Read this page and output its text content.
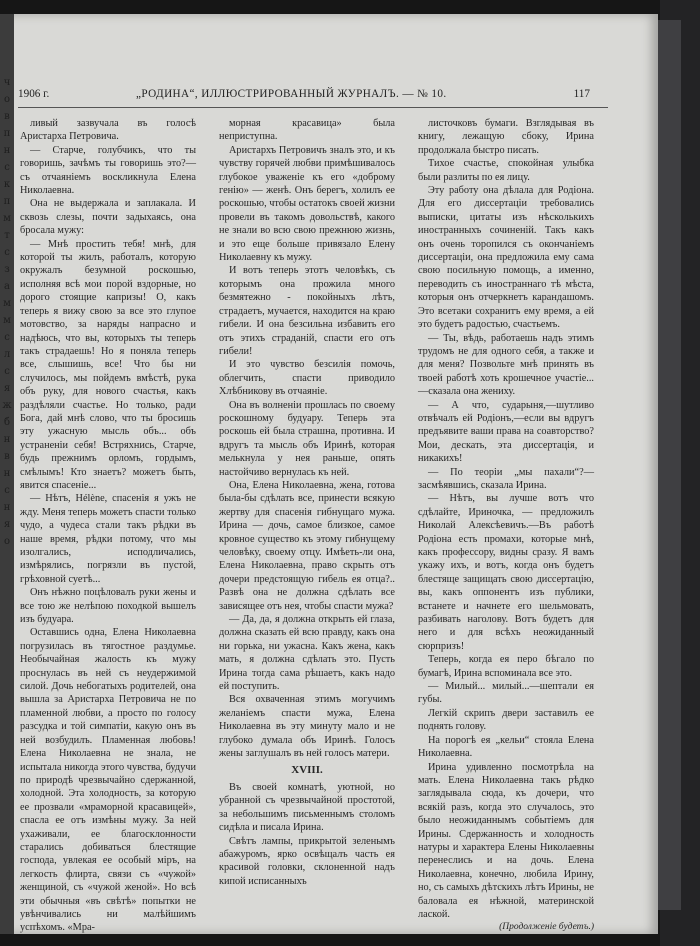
ч
о
в
п
н
с
к
п
м
т
с
з
а
м
м
с
л
с
я
ж
б
н
в
н
с
н
я
о
1906 г.	„РОДИНА“, ИЛЛЮСТРИРОВАННЫЙ ЖУРНАЛЪ. — № 10.	117

ливый зазвучала въ голосѣ Аристарха Петровича.

— Старче, голубчикъ, что ты говоришь, зачѣмъ ты говоришь это?—съ отчаяніемъ воскликнула Елена Николаевна.

Она не выдержала и заплакала. И сквозь слезы, почти задыхаясь, она бросала мужу:

— Мнѣ простить тебя! мнѣ, для которой ты жилъ, работалъ, которую окружалъ безумной роскошью, исполняя всѣ мои порой вздорные, но дорого стоящие капризы! О, какъ теперь я вижу свою за все это глупое мотовство, за наряды напрасно и надѣюсь, что вы, которыхъ ты теперь такъ страдаешь! Но я поняла теперь все, слышишь, все! Что бы ни случилось, мы пойдемъ вмѣстѣ, рука объ руку, для нового счастья, какъ раздѣляли счастье. Но только, ради Бога, дай мнѣ слово, что ты бросишь эту ужасную мысль объ... объ устраненіи себя! Встряхнись, Старче, будь прежнимъ орломъ, гордымъ, смѣлымъ! Кто знаетъ? можетъ быть, явится спасеніе...

— Нѣтъ, Hélène, спасенія я ужъ не жду. Меня теперь можетъ спасти только чудо, а чудеса стали такъ рѣдки въ наше время, рѣдки потому, что мы изолгались, исподличались, измѣрялись, погрязли въ пустой, грѣховной суетѣ...

Онъ нѣжно поцѣловалъ руки жены и все тою же нелѣпою походкой вышелъ изъ будуара.

Оставшись одна, Елена Николаевна погрузилась въ тягостное раздумье. Необычайная жалость къ мужу проснулась въ ней съ неудержимой силой. Дочь небогатыхъ родителей, она вышла за Аристарха Петровича не по пламенной любви, а просто по голосу разсудка и той симпатіи, какую онъ въ ней возбудилъ. Пламенная любовь! Елена Николаевна не знала, не испытала никогда этого чувства, будучи по природѣ чрезвычайно сдержанной, холодной. Эта холодность, за которую ее прозвали «мраморной красавицей», спасла ее отъ измѣны мужу. За ней ухаживали, ее благосклонности старались добиваться блестящие господа, увлекая ее особый міръ, на легкость флирта, связи съ «чужой» женщиной, съ «чужой женой». Но всѣ эти обычныя «въ свѣтѣ» попытки не увѣнчивались ни малѣйшимъ успѣхомъ. «Мра-

морная красавица» была неприступна.

Аристархъ Петровичъ зналъ это, и къ чувству горячей любви примѣшивалось глубокое уваженіе къ его «доброму генію» — женѣ. Онъ берегъ, холилъ ее роскошью, чтобы остатокъ своей жизни провели въ такомъ довольствѣ, какого не знали во всю свою прежнюю жизнь, и это еще больше привязало Елену Николаевну къ мужу.

И вотъ теперь этотъ человѣкъ, съ которымъ она прожила много безмятежно - покойныхъ лѣтъ, страдаетъ, мучается, находится на краю гибели. И она безсильна избавить его отъ этихъ страданій, спасти его отъ гибели!

И это чувство безсилія помочь, облегчить, спасти приводило Хлѣбникову въ отчаяніе.

Она въ волненіи прошлась по своему роскошному будуару. Теперь эта роскошь ей была страшна, противна. И вдругъ та мысль объ Иринѣ, которая мелькнула у нея раньше, опять настойчиво вернулась къ ней.

Она, Елена Николаевна, жена, готова была-бы сдѣлать все, принести всякую жертву для спасенія гибнущаго мужа. Ирина — дочь, самое близкое, самое кровное существо къ этому гибнущему человѣку, своему отцу. Имѣеть-ли она, Елена Николаевна, право скрыть отъ дочери предстоящую гибель ея отца?.. Развѣ она не должна сдѣлать все зависящее отъ нея, чтобы спасти мужа?

— Да, да, я должна открыть ей глаза, должна сказать ей всю правду, какъ она ни горька, ни ужасна. Какъ жена, какъ мать, я должна сдѣлать это. Пусть Ирина тогда сама рѣшаетъ, какъ надо ей поступить.

Вся охваченная этимъ могучимъ желаніемъ спасти мужа, Елена Николаевна въ эту минуту мало и не глубоко думала объ Иринѣ. Голосъ жены заглушалъ въ ней голосъ матери.

XVIII.

Въ своей комнатѣ, уютной, но убранной съ чрезвычайной простотой, за небольшимъ письменнымъ столомъ сидѣла и писала Ирина.

Свѣтъ лампы, прикрытой зеленымъ абажуромъ, ярко освѣщалъ часть ея красивой головки, склоненной надъ кипой исписанныхъ

листочковъ бумаги. Взглядывая въ книгу, лежащую сбоку, Ирина продолжала быстро писать.

Тихое счастье, спокойная улыбка были разлиты по ея лицу.

Эту работу она дѣлала для Родіона. Для его диссертаціи требовались выписки, цитаты изъ нѣсколькихъ иностранныхъ сочиненій. Такъ какъ онъ очень торопился съ окончаніемъ диссертаціи, она предложила ему сама свою посильную помощь, а именно, переводить съ иностраннаго тѣ мѣста, которыя онъ отчеркнетъ карандашомъ. Это всетаки сохранитъ ему время, а ей это будетъ радостью, счастьемъ.

— Ты, вѣдь, работаешь надъ этимъ трудомъ не для одного себя, а также и для меня? Позвольте мнѣ принять въ твоей работѣ хоть крошечное участіе...—сказала она жениху.

— А что, сударыня,—шутливо отвѣчалъ ей Родіонъ,—если вы вдругъ предъявите ваши права на соавторство? Мои, дескать, эта диссертація, и никакихъ!

— По теоріи „мы пахали“?— засмѣявшись, сказала Ирина.

— Нѣтъ, вы лучше вотъ что сдѣлайте, Ириночка, — предложилъ Николай Алексѣевичъ.—Въ работѣ Родіона есть промахи, которые мнѣ, какъ профессору, видны сразу. Я вамъ укажу ихъ, и вотъ, когда онъ будетъ блестяще защищать свою диссертацію, вы, какъ оппонентъ изъ публики, встанете и начнете его шельмовать, разбивать наголову. Вотъ будетъ для него и для всѣхъ неожиданный сюрпризъ!

Теперь, когда ея перо бѣгало по бумагѣ, Ирина вспоминала все это.

— Милый... милый...—шептали ея губы.

Легкій скрипъ двери заставилъ ее поднять голову.

На порогѣ ея „кельи“ стояла Елена Николаевна.

Ирина удивленно посмотрѣла на мать. Елена Николаевна такъ рѣдко заглядывала сюда, къ дочери, что всякій разъ, когда это случалось, это было неожиданнымъ событіемъ для Ирины. Сдержанность и холодность натуры и характера Елены Николаевны перенеслись и на дочь. Елена Николаевна, конечно, любила Ирину, но, съ самыхъ дѣтскихъ лѣтъ Ирины, не баловала ея нѣжной, материнской лаской.

(Продолженіе будетъ.)
